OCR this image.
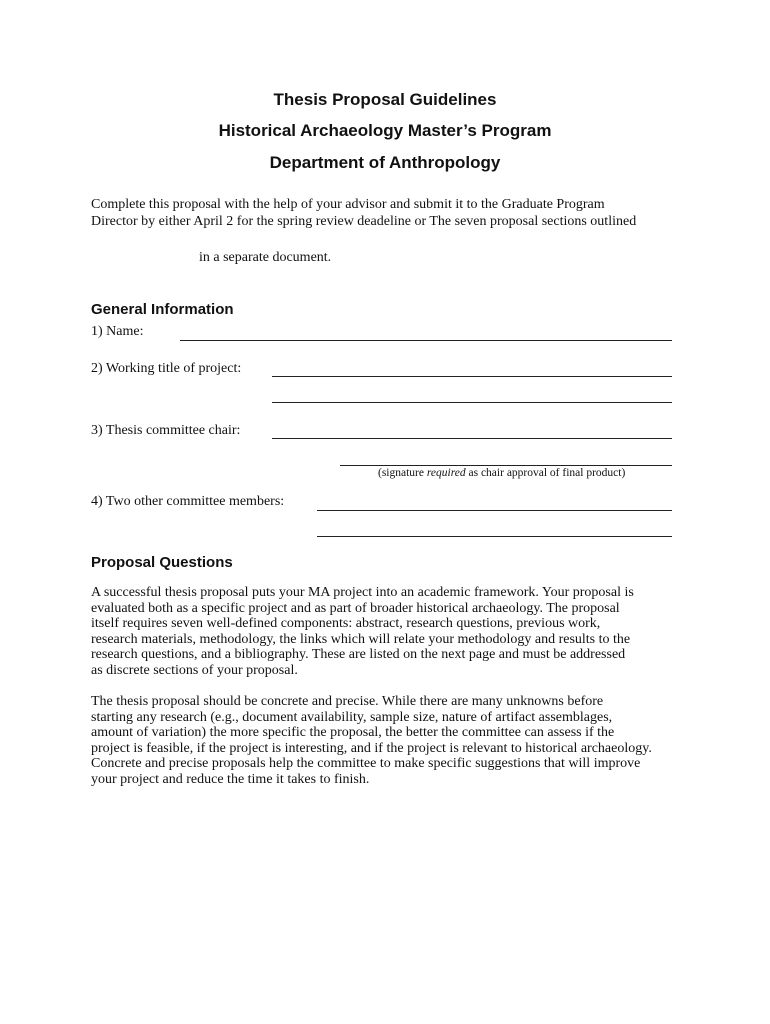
Thesis Proposal Guidelines
Historical Archaeology Master’s Program
Department of Anthropology
Complete this proposal with the help of your advisor and submit it to the Graduate Program
Director by either April 2 for the spring review deadeline or The seven proposal sections outlined
in a separate document.
General Information
1) Name:
2) Working title of project:
3) Thesis committee chair:
(signature required as chair approval of final product)
4) Two other committee members:
Proposal Questions
A successful thesis proposal puts your MA project into an academic framework. Your proposal is
evaluated both as a specific project and as part of broader historical archaeology. The proposal
itself requires seven well-defined components: abstract, research questions, previous work,
research materials, methodology, the links which will relate your methodology and results to the
research questions, and a bibliography. These are listed on the next page and must be addressed
as discrete sections of your proposal.
The thesis proposal should be concrete and precise. While there are many unknowns before
starting any research (e.g., document availability, sample size, nature of artifact assemblages,
amount of variation) the more specific the proposal, the better the committee can assess if the
project is feasible, if the project is interesting, and if the project is relevant to historical archaeology.
Concrete and precise proposals help the committee to make specific suggestions that will improve
your project and reduce the time it takes to finish.
